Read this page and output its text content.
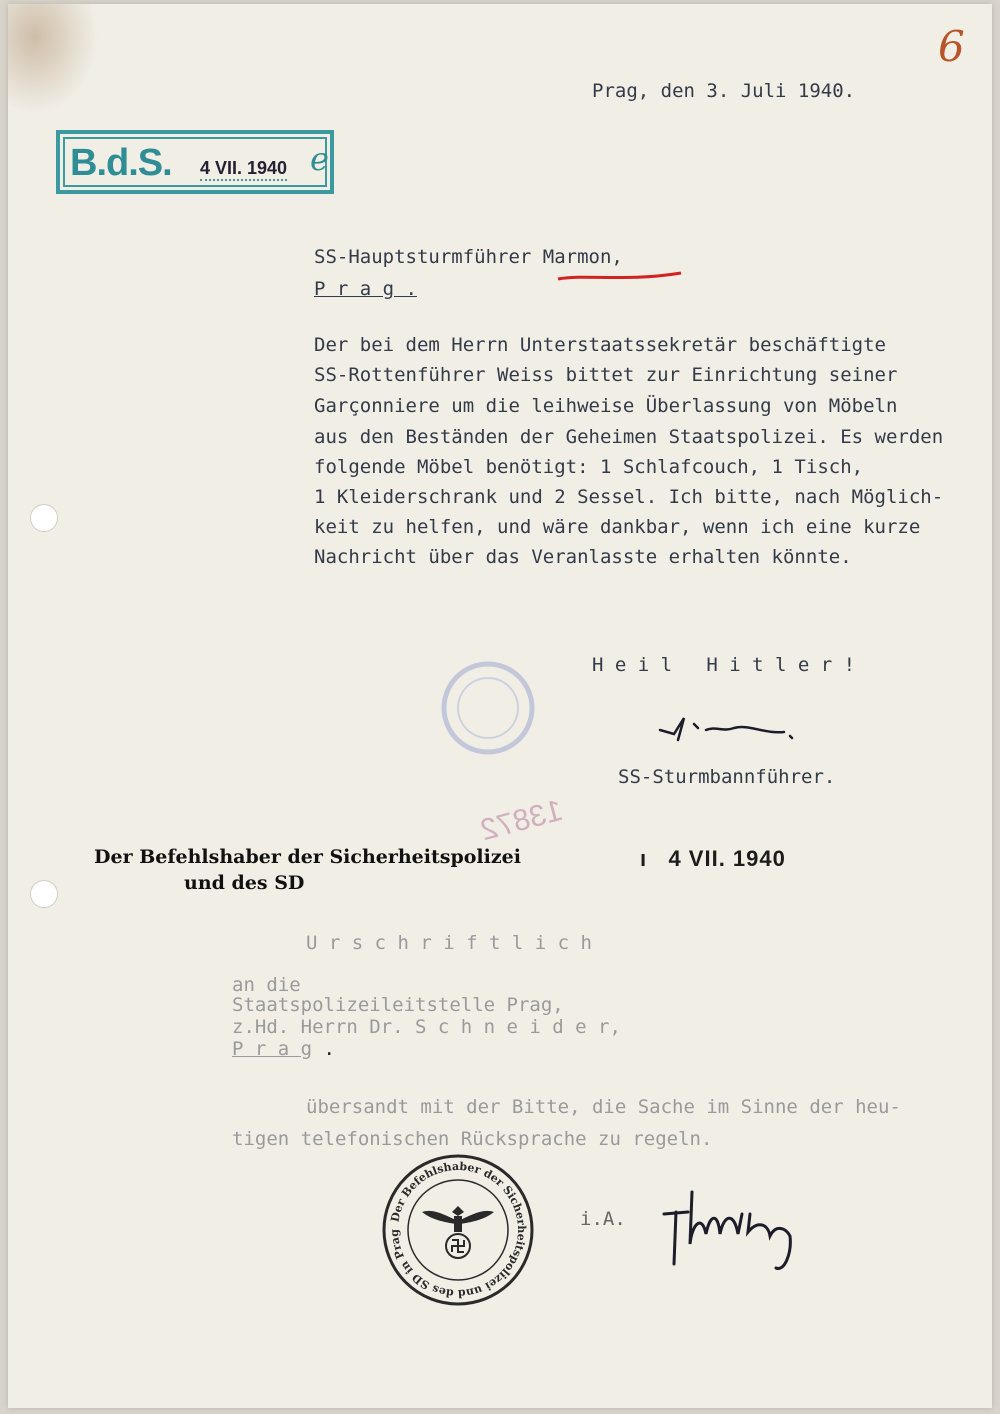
6
Prag, den 3. Juli 1940.
B.d.S. 4 VII. 1940 e
SS-Hauptsturmführer Marmon,
P r a g .
Der bei dem Herrn Unterstaatssekretär beschäftigte
SS-Rottenführer Weiss bittet zur Einrichtung seiner
Garçonniere um die leihweise Überlassung von Möbeln
aus den Beständen der Geheimen Staatspolizei. Es werden
folgende Möbel benötigt: 1 Schlafcouch, 1 Tisch,
1 Kleiderschrank und 2 Sessel. Ich bitte, nach Möglich-
keit zu helfen, und wäre dankbar, wenn ich eine kurze
Nachricht über das Veranlasste erhalten könnte.
H e i l   H i t l e r !
SS-Sturmbannführer.
Der Befehlshaber der Sicherheitspolizei
und des SD
13872
ı   4 VII. 1940
U r s c h r i f t l i c h
an die
Staatspolizeileitstelle Prag,
z.Hd. Herrn Dr. S c h n e i d e r,
P r a g .
übersandt mit der Bitte, die Sache im Sinne der heu-
tigen telefonischen Rücksprache zu regeln.
Der Befehlshaber der Sicherheitspolizei und des SD in Prag
i.A.
